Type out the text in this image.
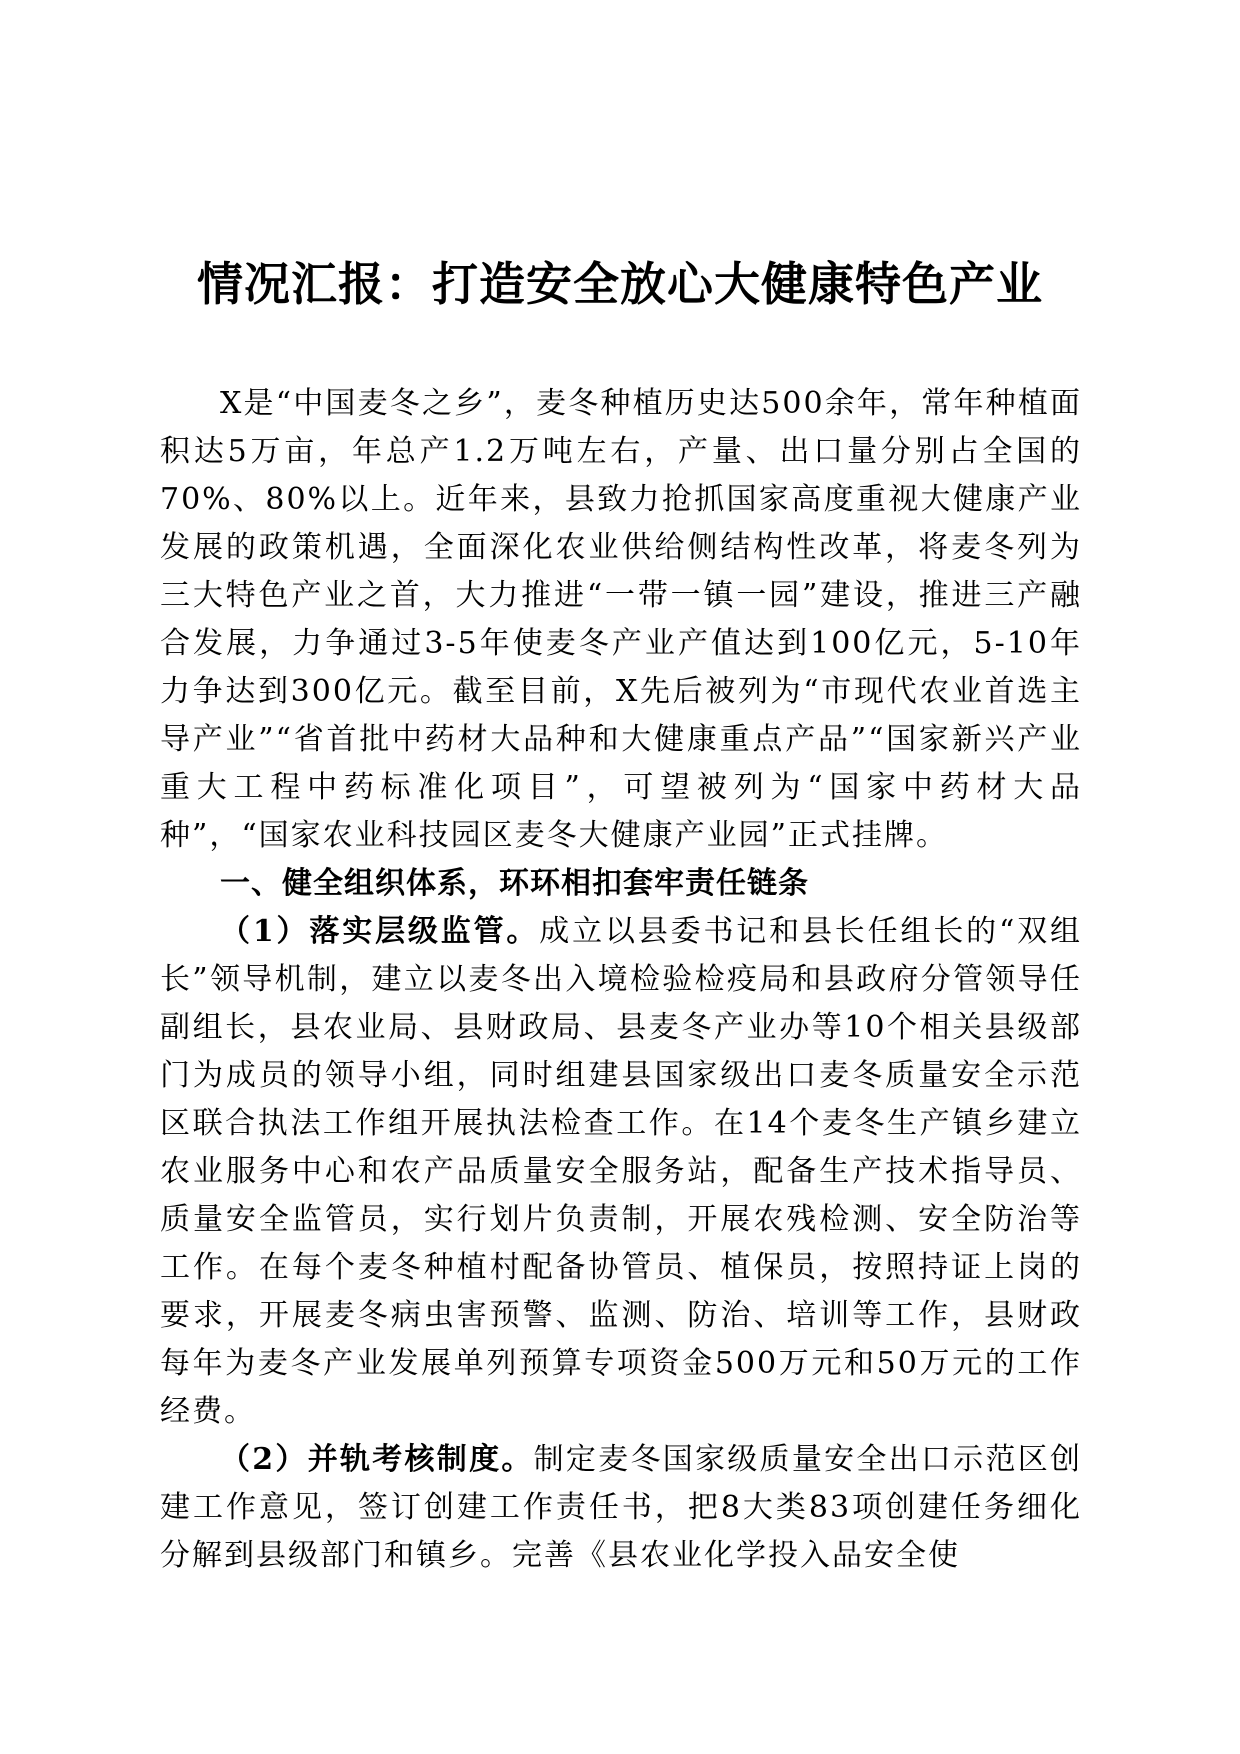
情况汇报：打造安全放心大健康特色产业

X是“中国麦冬之乡”，麦冬种植历史达500余年，常年种植面积达5万亩，年总产1.2万吨左右，产量、出口量分别占全国的70%、80%以上。近年来，县致力抢抓国家高度重视大健康产业发展的政策机遇，全面深化农业供给侧结构性改革，将麦冬列为三大特色产业之首，大力推进“一带一镇一园”建设，推进三产融合发展，力争通过3-5年使麦冬产业产值达到100亿元，5-10年力争达到300亿元。截至目前，X先后被列为“市现代农业首选主导产业”“省首批中药材大品种和大健康重点产品”“国家新兴产业重大工程中药标准化项目”，可望被列为“国家中药材大品种”，“国家农业科技园区麦冬大健康产业园”正式挂牌。

一、健全组织体系，环环相扣套牢责任链条

（1）落实层级监管。成立以县委书记和县长任组长的“双组长”领导机制，建立以麦冬出入境检验检疫局和县政府分管领导任副组长，县农业局、县财政局、县麦冬产业办等10个相关县级部门为成员的领导小组，同时组建县国家级出口麦冬质量安全示范区联合执法工作组开展执法检查工作。在14个麦冬生产镇乡建立农业服务中心和农产品质量安全服务站，配备生产技术指导员、质量安全监管员，实行划片负责制，开展农残检测、安全防治等工作。在每个麦冬种植村配备协管员、植保员，按照持证上岗的要求，开展麦冬病虫害预警、监测、防治、培训等工作，县财政每年为麦冬产业发展单列预算专项资金500万元和50万元的工作经费。

（2）并轨考核制度。制定麦冬国家级质量安全出口示范区创建工作意见，签订创建工作责任书，把8大类83项创建任务细化分解到县级部门和镇乡。完善《县农业化学投入品安全使
